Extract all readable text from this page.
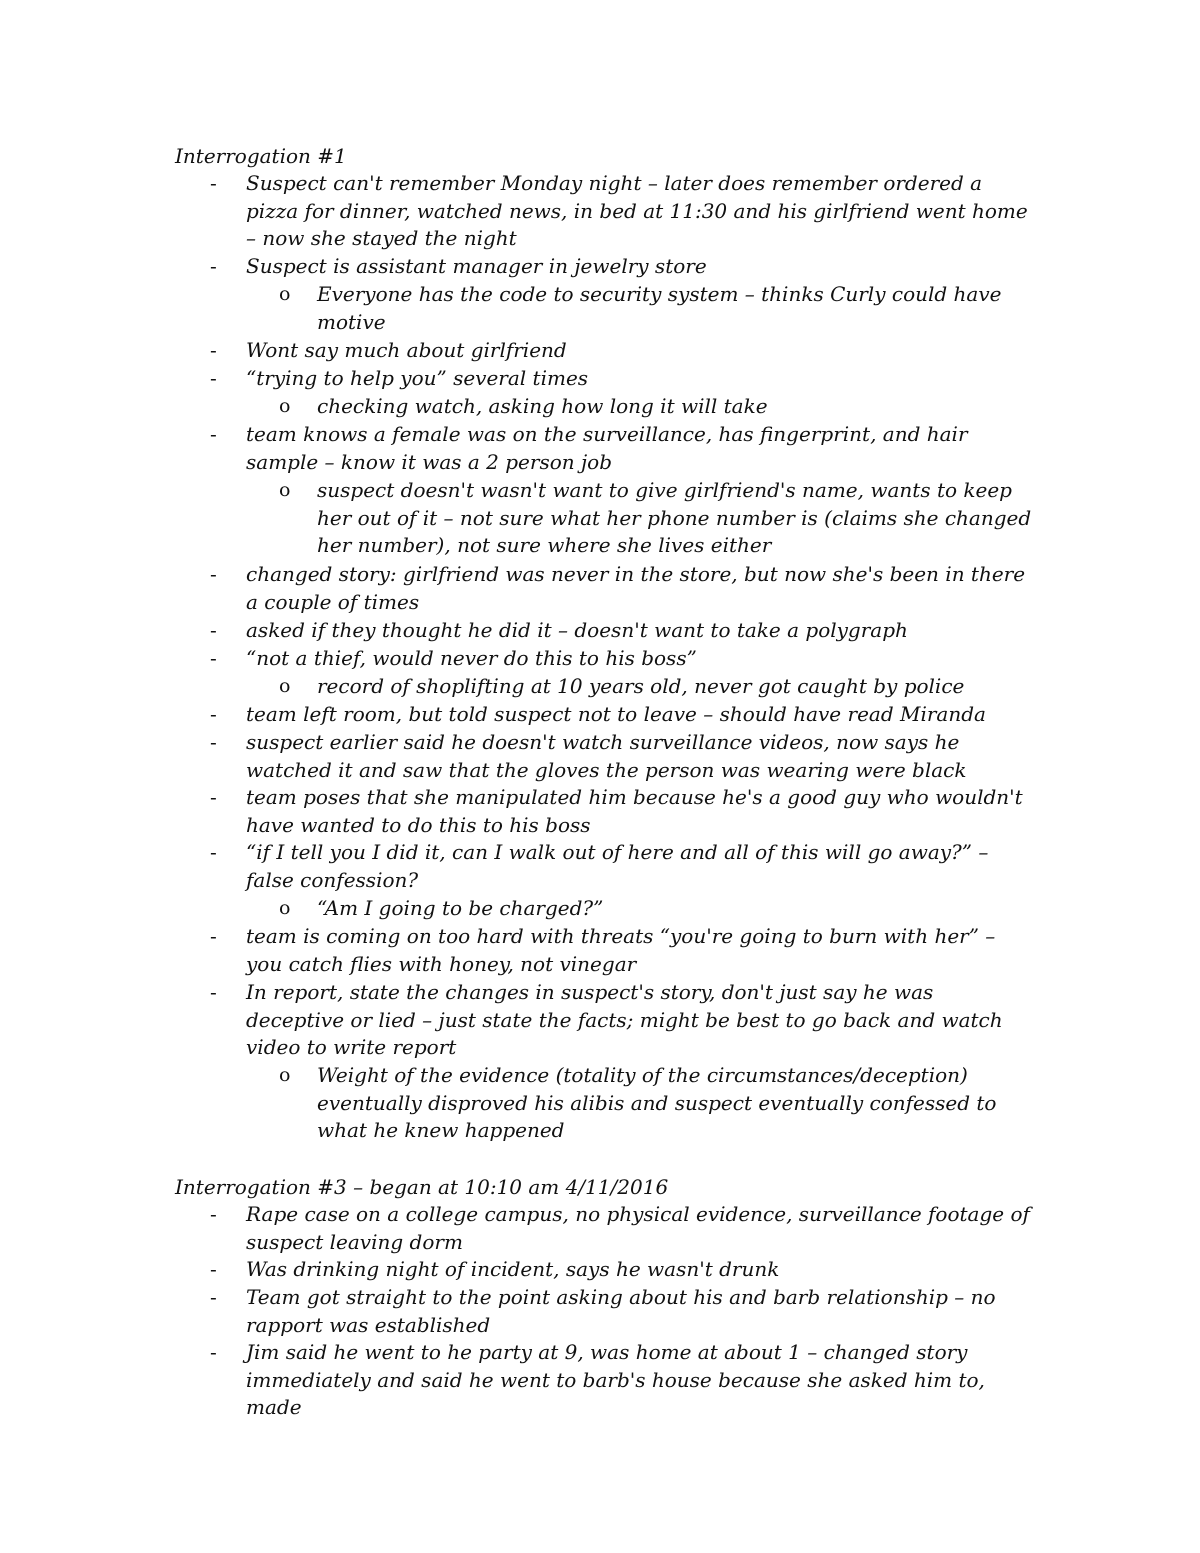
Interrogation #1
- Suspect can't remember Monday night – later does remember ordered a pizza for dinner, watched news, in bed at 11:30 and his girlfriend went home – now she stayed the night
- Suspect is assistant manager in jewelry store
o Everyone has the code to security system – thinks Curly could have motive
- Wont say much about girlfriend
- “trying to help you” several times
o checking watch, asking how long it will take
- team knows a female was on the surveillance, has fingerprint, and hair sample – know it was a 2 person job
o suspect doesn't wasn't want to give girlfriend's name, wants to keep her out of it – not sure what her phone number is (claims she changed her number), not sure where she lives either
- changed story: girlfriend was never in the store, but now she's been in there a couple of times
- asked if they thought he did it – doesn't want to take a polygraph
- “not a thief, would never do this to his boss”
o record of shoplifting at 10 years old, never got caught by police
- team left room, but told suspect not to leave – should have read Miranda
- suspect earlier said he doesn't watch surveillance videos, now says he watched it and saw that the gloves the person was wearing were black
- team poses that she manipulated him because he's a good guy who wouldn't have wanted to do this to his boss
- “if I tell you I did it, can I walk out of here and all of this will go away?” – false confession?
o “Am I going to be charged?”
- team is coming on too hard with threats “you're going to burn with her” – you catch flies with honey, not vinegar
- In report, state the changes in suspect's story, don't just say he was deceptive or lied – just state the facts; might be best to go back and watch video to write report
o Weight of the evidence (totality of the circumstances/deception) eventually disproved his alibis and suspect eventually confessed to what he knew happened
Interrogation #3 – began at 10:10 am 4/11/2016
- Rape case on a college campus, no physical evidence, surveillance footage of suspect leaving dorm
- Was drinking night of incident, says he wasn't drunk
- Team got straight to the point asking about his and barb relationship – no rapport was established
- Jim said he went to he party at 9, was home at about 1 – changed story immediately and said he went to barb's house because she asked him to, made
